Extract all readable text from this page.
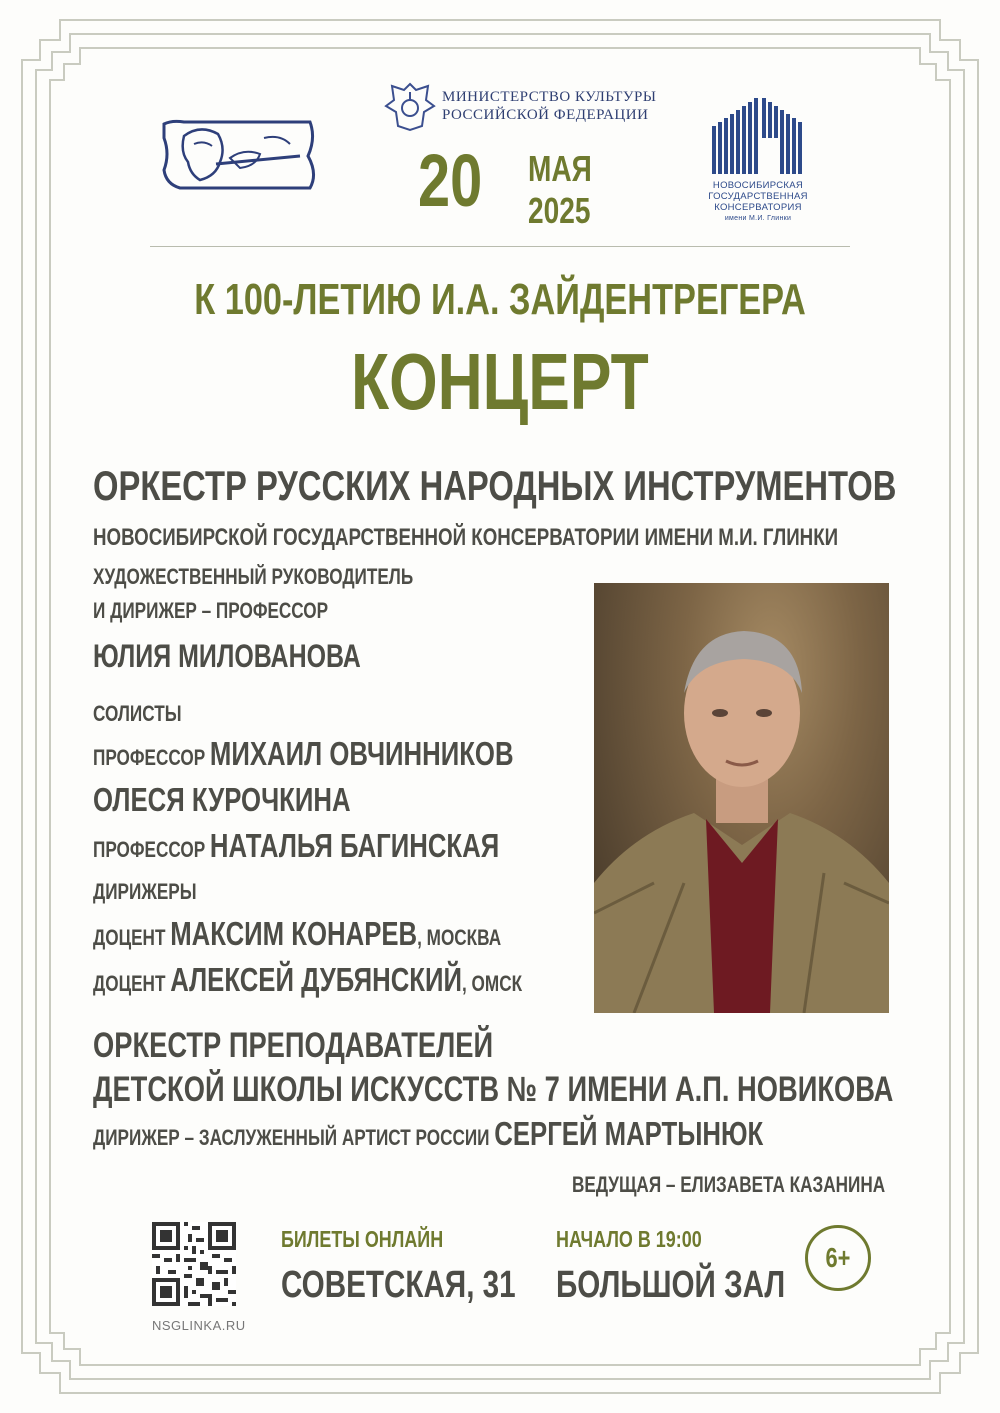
МИНИСТЕРСТВО КУЛЬТУРЫ
РОССИЙСКОЙ ФЕДЕРАЦИИ
20	МАЯ
2025
НОВОСИБИРСКАЯ
ГОСУДАРСТВЕННАЯ
КОНСЕРВАТОРИЯ
имени М.И. Глинки
К 100-ЛЕТИЮ И.А. ЗАЙДЕНТРЕГЕРА
КОНЦЕРТ
ОРКЕСТР РУССКИХ НАРОДНЫХ ИНСТРУМЕНТОВ
НОВОСИБИРСКОЙ ГОСУДАРСТВЕННОЙ КОНСЕРВАТОРИИ ИМЕНИ М.И. ГЛИНКИ
ХУДОЖЕСТВЕННЫЙ РУКОВОДИТЕЛЬ
И ДИРИЖЕР – ПРОФЕССОР
ЮЛИЯ МИЛОВАНОВА
СОЛИСТЫ
ПРОФЕССОР МИХАИЛ ОВЧИННИКОВ
ОЛЕСЯ КУРОЧКИНА
ПРОФЕССОР НАТАЛЬЯ БАГИНСКАЯ
ДИРИЖЕРЫ
ДОЦЕНТ МАКСИМ КОНАРЕВ, МОСКВА
ДОЦЕНТ АЛЕКСЕЙ ДУБЯНСКИЙ, ОМСК
ОРКЕСТР ПРЕПОДАВАТЕЛЕЙ
ДЕТСКОЙ ШКОЛЫ ИСКУССТВ № 7 ИМЕНИ А.П. НОВИКОВА
ДИРИЖЕР – ЗАСЛУЖЕННЫЙ АРТИСТ РОССИИ СЕРГЕЙ МАРТЫНЮК
ВЕДУЩАЯ – ЕЛИЗАВЕТА КАЗАНИНА
NSGLINKA.RU
БИЛЕТЫ ОНЛАЙН
СОВЕТСКАЯ, 31
НАЧАЛО В 19:00
БОЛЬШОЙ ЗАЛ
6+
